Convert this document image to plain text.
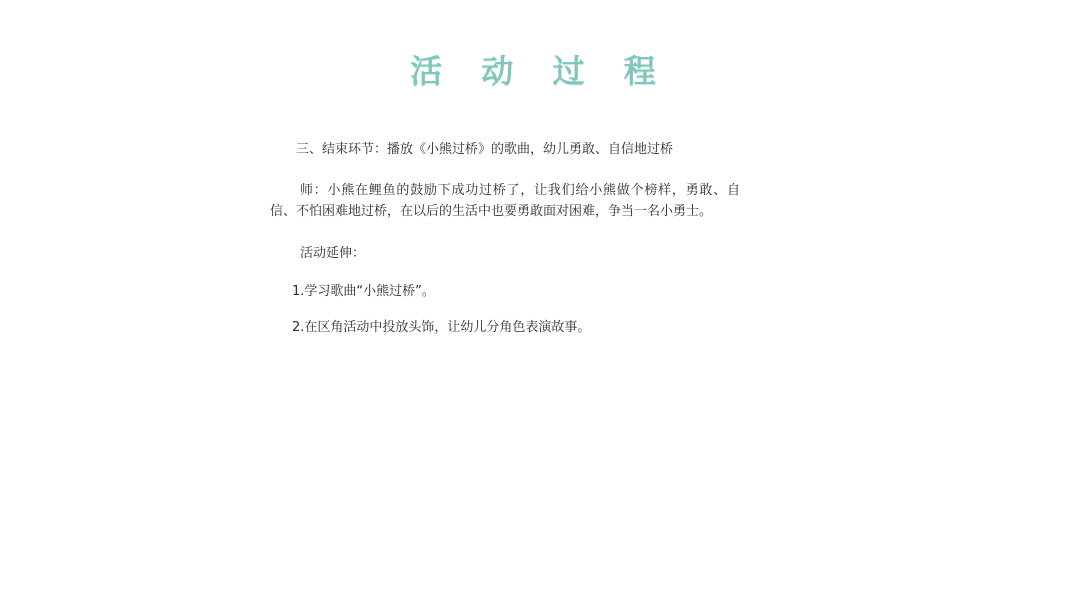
活 动 过 程

三、结束环节：播放《小熊过桥》的歌曲，幼儿勇敢、自信地过桥

师：小熊在鲤鱼的鼓励下成功过桥了，让我们给小熊做个榜样，勇敢、自信、不怕困难地过桥，在以后的生活中也要勇敢面对困难，争当一名小勇士。

活动延伸：

1.学习歌曲“小熊过桥”。

2.在区角活动中投放头饰，让幼儿分角色表演故事。
